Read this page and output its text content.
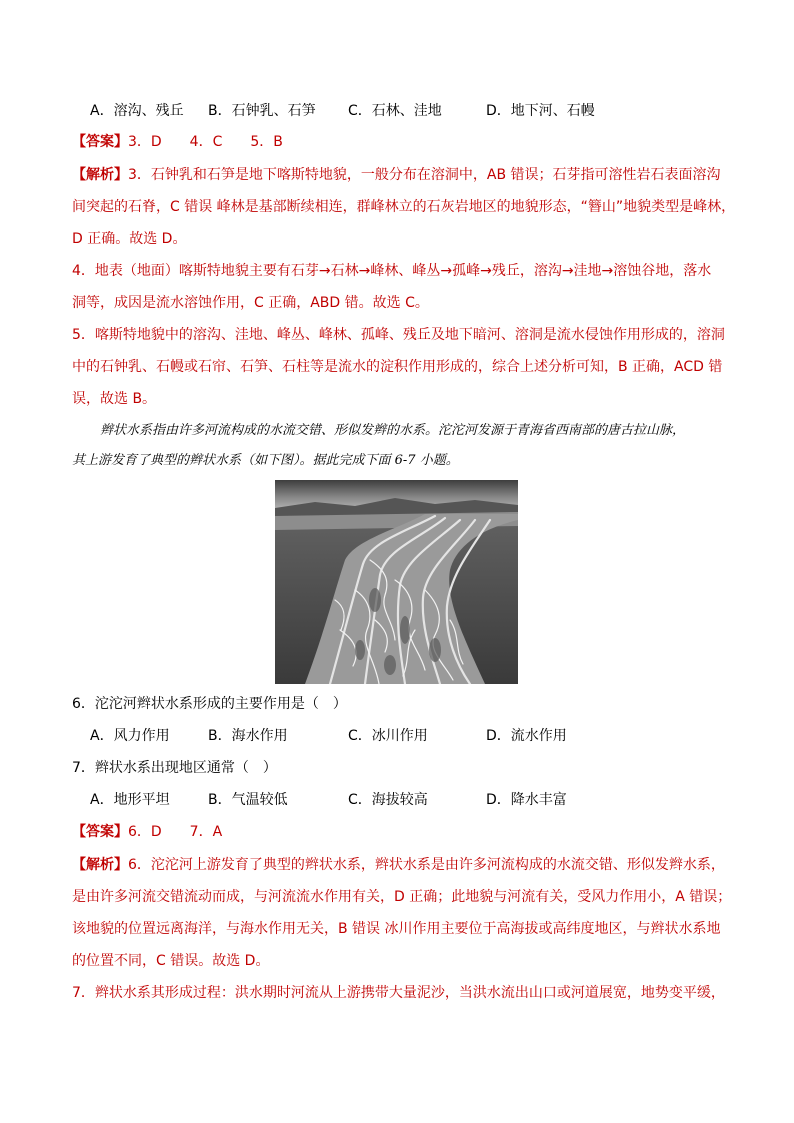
A．溶沟、残丘 B．石钟乳、石笋 C．石林、洼地	D．地下河、石幔
【答案】3．D　　4．C　　5．B
【解析】3．石钟乳和石笋是地下喀斯特地貌，一般分布在溶洞中，AB 错误；石芽指可溶性岩石表面溶沟
间突起的石脊，C 错误 峰林是基部断续相连，群峰林立的石灰岩地区的地貌形态，“簪山”地貌类型是峰林，
D 正确。故选 D。
4．地表（地面）喀斯特地貌主要有石芽→石林→峰林、峰丛→孤峰→残丘，溶沟→洼地→溶蚀谷地，落水
洞等，成因是流水溶蚀作用，C 正确，ABD 错。故选 C。
5．喀斯特地貌中的溶沟、洼地、峰丛、峰林、孤峰、残丘及地下暗河、溶洞是流水侵蚀作用形成的，溶洞
中的石钟乳、石幔或石帘、石笋、石柱等是流水的淀积作用形成的，综合上述分析可知，B 正确，ACD 错
误，故选 B。
辫状水系指由许多河流构成的水流交错、形似发辫的水系。沱沱河发源于青海省西南部的唐古拉山脉，
其上游发育了典型的辫状水系（如下图）。据此完成下面 6-7 小题。
6．沱沱河辫状水系形成的主要作用是（　）
A．风力作用	B．海水作用	C．冰川作用	D．流水作用
7．辫状水系出现地区通常（　）
A．地形平坦	B．气温较低	C．海拔较高	D．降水丰富
【答案】6．D　　7．A
【解析】6．沱沱河上游发育了典型的辫状水系，辫状水系是由许多河流构成的水流交错、形似发辫水系，
是由许多河流交错流动而成，与河流流水作用有关，D 正确；此地貌与河流有关，受风力作用小，A 错误；
该地貌的位置远离海洋，与海水作用无关，B 错误 冰川作用主要位于高海拔或高纬度地区，与辫状水系地
的位置不同，C 错误。故选 D。
7．辫状水系其形成过程：洪水期时河流从上游携带大量泥沙，当洪水流出山口或河道展宽，地势变平缓，
